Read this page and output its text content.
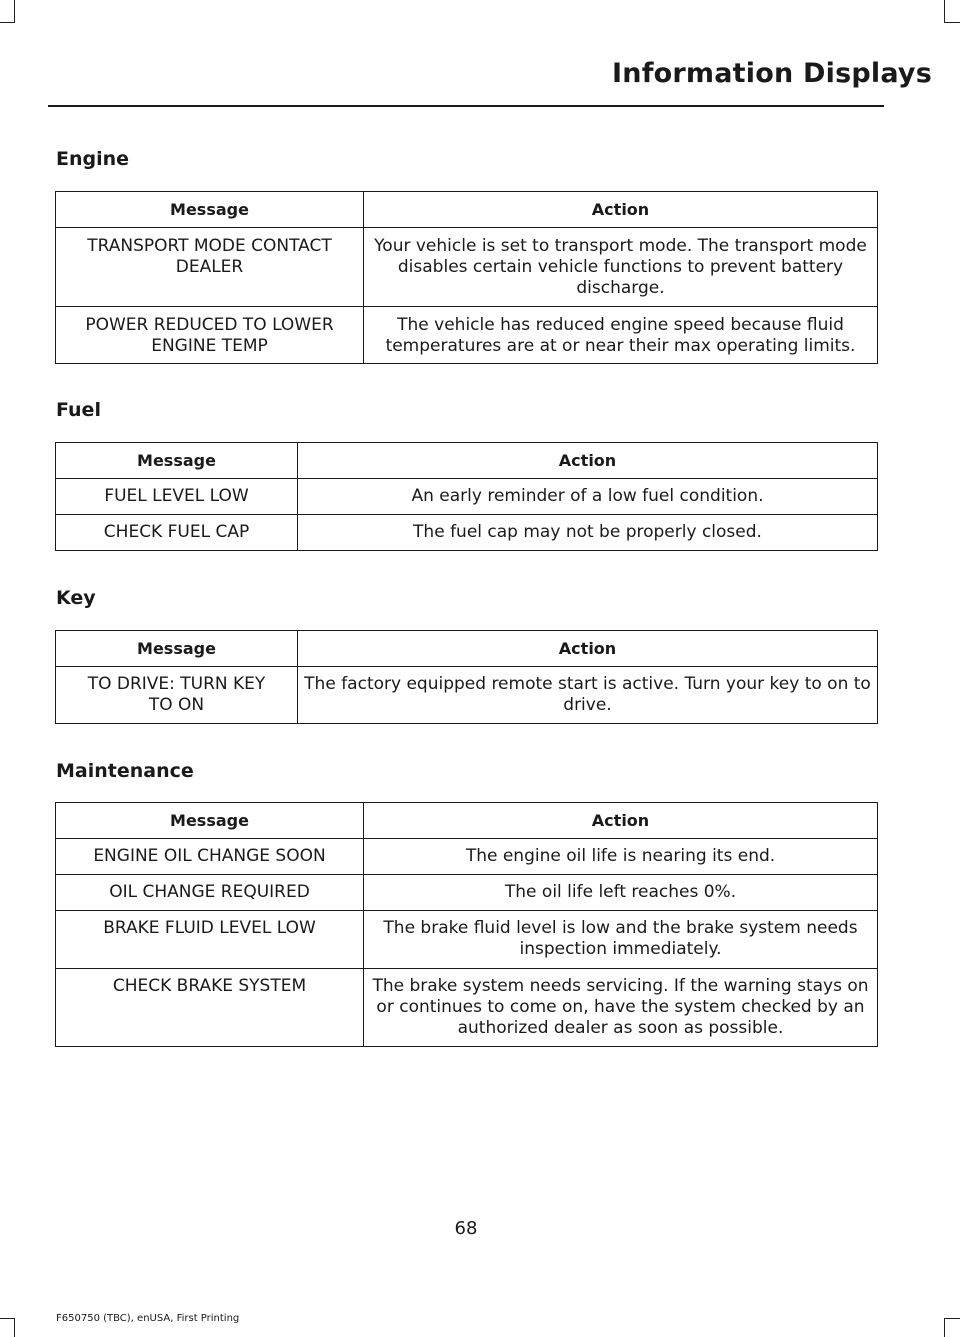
Information Displays
Engine
Message	Action
TRANSPORT MODE CONTACT DEALER	Your vehicle is set to transport mode. The transport mode disables certain vehicle functions to prevent battery discharge.
POWER REDUCED TO LOWER ENGINE TEMP	The vehicle has reduced engine speed because fluid temperatures are at or near their max operating limits.
Fuel
Message	Action
FUEL LEVEL LOW	An early reminder of a low fuel condition.
CHECK FUEL CAP	The fuel cap may not be properly closed.
Key
Message	Action
TO DRIVE: TURN KEY TO ON	The factory equipped remote start is active. Turn your key to on to drive.
Maintenance
Message	Action
ENGINE OIL CHANGE SOON	The engine oil life is nearing its end.
OIL CHANGE REQUIRED	The oil life left reaches 0%.
BRAKE FLUID LEVEL LOW	The brake fluid level is low and the brake system needs inspection immediately.
CHECK BRAKE SYSTEM	The brake system needs servicing. If the warning stays on or continues to come on, have the system checked by an authorized dealer as soon as possible.
68
F650750 (TBC), enUSA, First Printing
